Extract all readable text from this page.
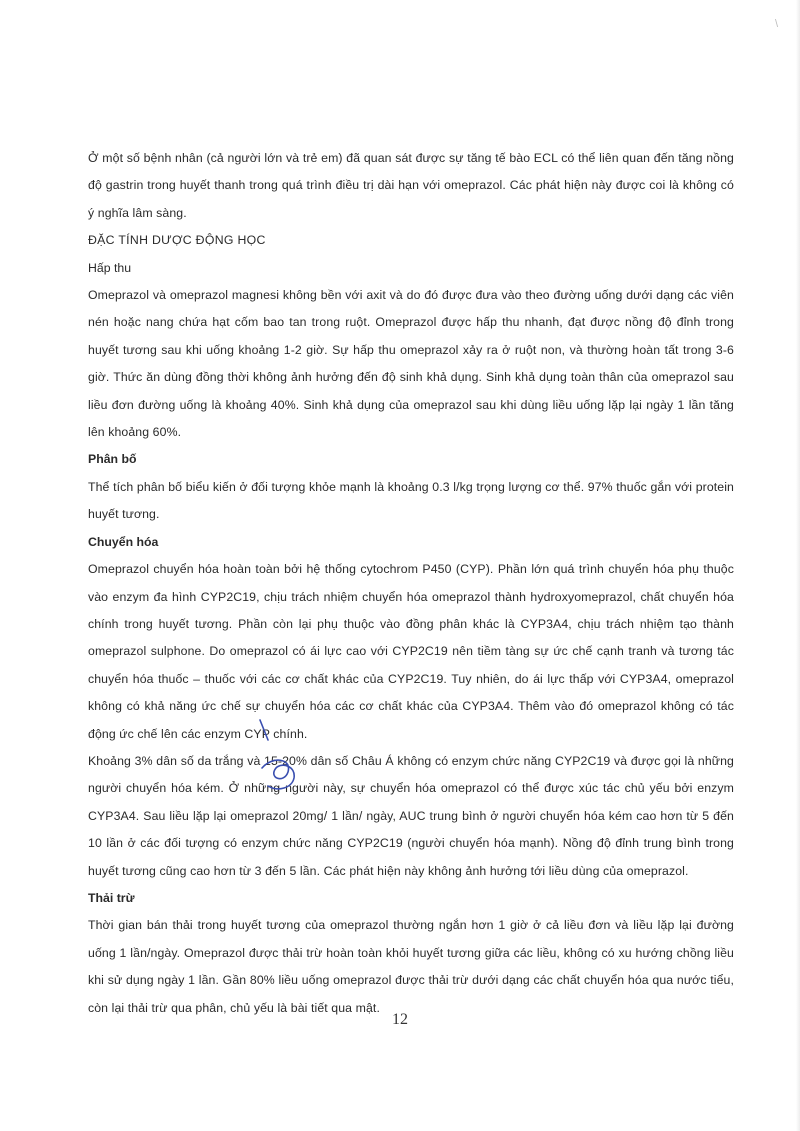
\

Ở một số bệnh nhân (cả người lớn và trẻ em) đã quan sát được sự tăng tế bào ECL có thể liên quan đến tăng nồng độ gastrin trong huyết thanh trong quá trình điều trị dài hạn với omeprazol. Các phát hiện này được coi là không có ý nghĩa lâm sàng.

ĐẶC TÍNH DƯỢC ĐỘNG HỌC

Hấp thu

Omeprazol và omeprazol magnesi không bền với axit và do đó được đưa vào theo đường uống dưới dạng các viên nén hoặc nang chứa hạt cốm bao tan trong ruột. Omeprazol được hấp thu nhanh, đạt được nồng độ đỉnh trong huyết tương sau khi uống khoảng 1-2 giờ. Sự hấp thu omeprazol xảy ra ở ruột non, và thường hoàn tất trong 3-6 giờ. Thức ăn dùng đồng thời không ảnh hưởng đến độ sinh khả dụng. Sinh khả dụng toàn thân của omeprazol sau liều đơn đường uống là khoảng 40%. Sinh khả dụng của omeprazol sau khi dùng liều uống lặp lại ngày 1 lần tăng lên khoảng 60%.

Phân bố

Thể tích phân bố biểu kiến ở đối tượng khỏe mạnh là khoảng 0.3 l/kg trọng lượng cơ thể. 97% thuốc gắn với protein huyết tương.

Chuyển hóa

Omeprazol chuyển hóa hoàn toàn bởi hệ thống cytochrom P450 (CYP). Phần lớn quá trình chuyển hóa phụ thuộc vào enzym đa hình CYP2C19, chịu trách nhiệm chuyển hóa omeprazol thành hydroxyomeprazol, chất chuyển hóa chính trong huyết tương. Phần còn lại phụ thuộc vào đồng phân khác là CYP3A4, chịu trách nhiệm tạo thành omeprazol sulphone. Do omeprazol có ái lực cao với CYP2C19 nên tiềm tàng sự ức chế cạnh tranh và tương tác chuyển hóa thuốc – thuốc với các cơ chất khác của CYP2C19. Tuy nhiên, do ái lực thấp với CYP3A4, omeprazol không có khả năng ức chế sự chuyển hóa các cơ chất khác của CYP3A4. Thêm vào đó omeprazol không có tác động ức chế lên các enzym CYP chính.

Khoảng 3% dân số da trắng và 15-20% dân số Châu Á không có enzym chức năng CYP2C19 và được gọi là những người chuyển hóa kém. Ở những người này, sự chuyển hóa omeprazol có thể được xúc tác chủ yếu bởi enzym CYP3A4. Sau liều lặp lại omeprazol 20mg/ 1 lần/ ngày, AUC trung bình ở người chuyển hóa kém cao hơn từ 5 đến 10 lần ở các đối tượng có enzym chức năng CYP2C19 (người chuyển hóa mạnh). Nồng độ đỉnh trung bình trong huyết tương cũng cao hơn từ 3 đến 5 lần. Các phát hiện này không ảnh hưởng tới liều dùng của omeprazol.

Thải trừ

Thời gian bán thải trong huyết tương của omeprazol thường ngắn hơn 1 giờ ở cả liều đơn và liều lặp lại đường uống 1 lần/ngày. Omeprazol được thải trừ hoàn toàn khỏi huyết tương giữa các liều, không có xu hướng chồng liều khi sử dụng ngày 1 lần. Gần 80% liều uống omeprazol được thải trừ dưới dạng các chất chuyển hóa qua nước tiểu, còn lại thải trừ qua phân, chủ yếu là bài tiết qua mật.

12
